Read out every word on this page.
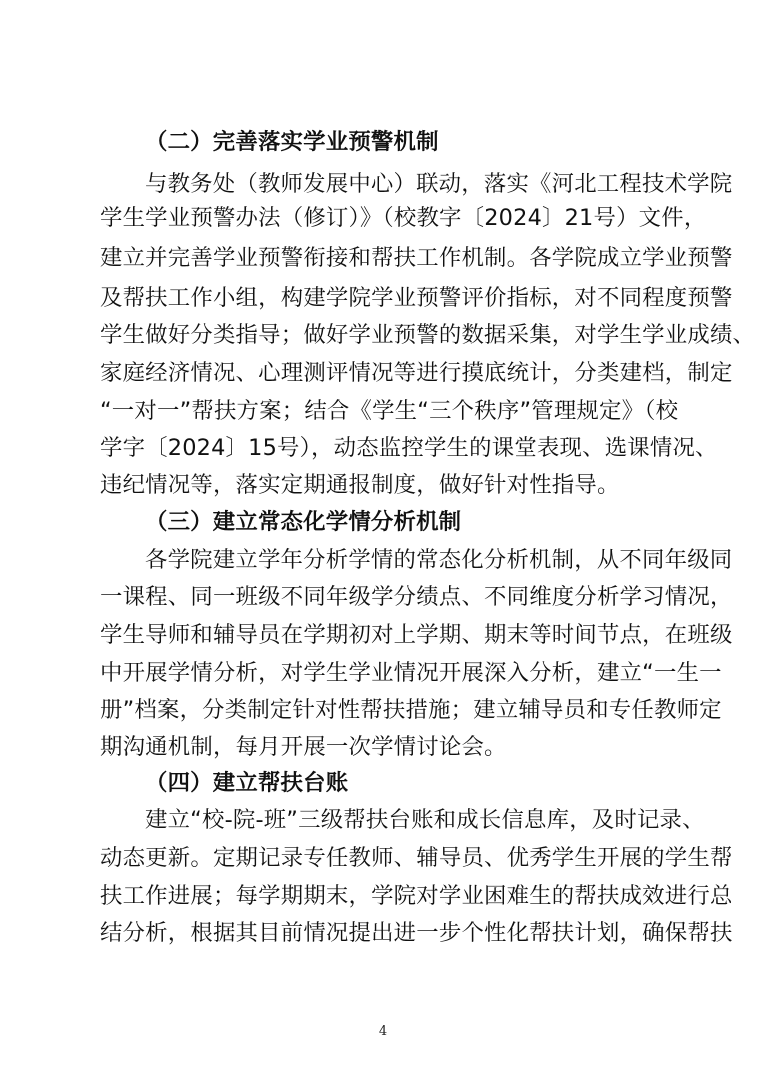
（二）完善落实学业预警机制
与教务处（教师发展中心）联动，落实《河北工程技术学院
学生学业预警办法（修订）》（校教字〔2024〕21号）文件，
建立并完善学业预警衔接和帮扶工作机制。各学院成立学业预警
及帮扶工作小组，构建学院学业预警评价指标，对不同程度预警
学生做好分类指导；做好学业预警的数据采集，对学生学业成绩、
家庭经济情况、心理测评情况等进行摸底统计，分类建档，制定
“一对一”帮扶方案；结合《学生“三个秩序”管理规定》（校
学字〔2024〕15号），动态监控学生的课堂表现、选课情况、
违纪情况等，落实定期通报制度，做好针对性指导。
（三）建立常态化学情分析机制
各学院建立学年分析学情的常态化分析机制，从不同年级同
一课程、同一班级不同年级学分绩点、不同维度分析学习情况，
学生导师和辅导员在学期初对上学期、期末等时间节点，在班级
中开展学情分析，对学生学业情况开展深入分析，建立“一生一
册”档案，分类制定针对性帮扶措施；建立辅导员和专任教师定
期沟通机制，每月开展一次学情讨论会。
（四）建立帮扶台账
建立“校-院-班”三级帮扶台账和成长信息库，及时记录、
动态更新。定期记录专任教师、辅导员、优秀学生开展的学生帮
扶工作进展；每学期期末，学院对学业困难生的帮扶成效进行总
结分析，根据其目前情况提出进一步个性化帮扶计划，确保帮扶
4
